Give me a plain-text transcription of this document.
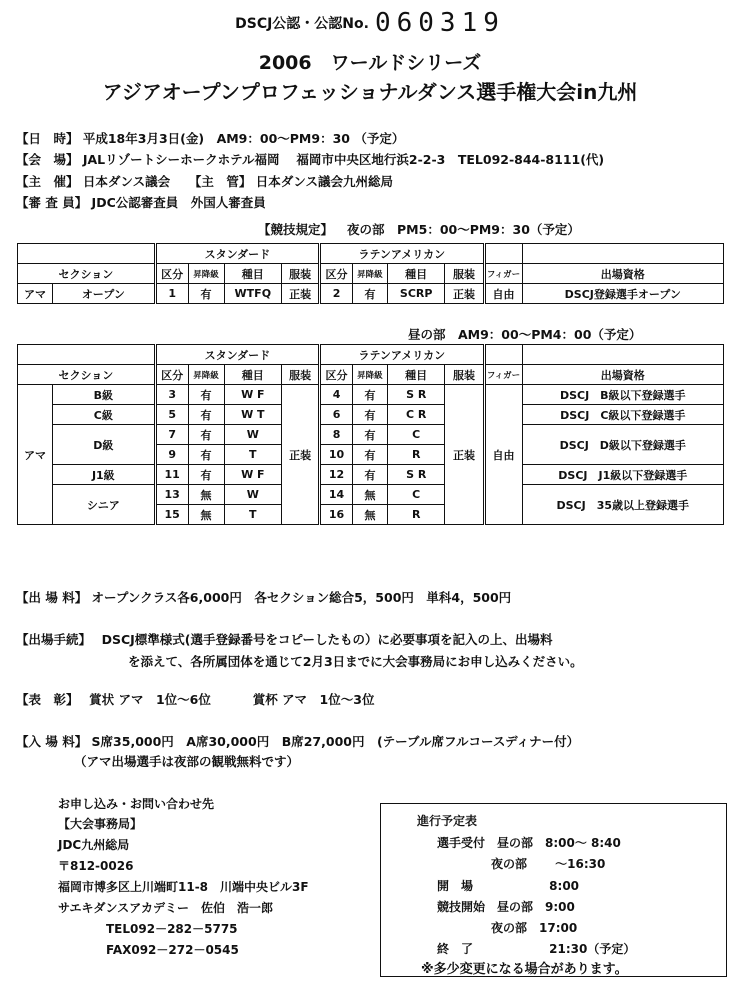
DSCJ公認・公認No. 060319
2006　ワールドシリーズ
アジアオープンプロフェッショナルダンス選手権大会in九州
【日　時】 平成18年3月3日(金)　AM9：00～PM9：30 （予定）
【会　場】 JALリゾートシーホークホテル福岡　 福岡市中央区地行浜2-2-3　TEL092-844-8111(代)
【主　催】 日本ダンス議会　　【主　管】 日本ダンス議会九州総局
【審 査 員】 JDC公認審査員　外国人審査員
【競技規定】 夜の部　PM5：00～PM9：30（予定）
		スタンダード				ラテンアメリカン					
セクション		区分	昇降級	種目	服装	区分	昇降級	種目	服装	フィガー	出場資格
アマ	オープン	1	有	WTFQ	正装	2	有	SCRP	正装	自由	DSCJ登録選手オープン
昼の部　AM9：00～PM4：00（予定）
		スタンダード				ラテンアメリカン					
セクション		区分	昇降級	種目	服装	区分	昇降級	種目	服装	フィガー	出場資格
アマ	B級	3	有	W F	正装	4	有	S R	正装	自由	DSCJ　B級以下登録選手
	C級	5	有	W T		6	有	C R			DSCJ　C級以下登録選手
	D級	7	有	W		8	有	C			DSCJ　D級以下登録選手
		9	有	T		10	有	R			
	J1級	11	有	W F		12	有	S R			DSCJ　J1級以下登録選手
	シニア	13	無	W		14	無	C			DSCJ　35歳以上登録選手
		15	無	T		16	無	R			
【出 場 料】 オープンクラス各6,000円　各セクション総合5，500円　単科4，500円
【出場手続】　 DSCJ標準様式(選手登録番号をコピーしたもの）に必要事項を記入の上、出場料
を添えて、各所属団体を通じて2月3日までに大会事務局にお申し込みください。
【表　彰】　 賞状 アマ　1位～6位　　　 賞杯 アマ　1位～3位
【入 場 料】 S席35,000円　A席30,000円　B席27,000円　(テーブル席フルコースディナー付）
（アマ出場選手は夜部の観戦無料です）
お申し込み・お問い合わせ先
【大会事務局】
JDC九州総局
〒812-0026
福岡市博多区上川端町11-8　川端中央ビル3F
サエキダンスアカデミー　佐伯　浩一郎
TEL092－282－5775
FAX092－272－0545
進行予定表
選手受付　昼の部　8:00～ 8:40
夜の部　　 ～16:30
開　場　　　　　　 8:00
競技開始　昼の部　9:00
夜の部　17:00
終　了　　　　　　 21:30（予定）
※多少変更になる場合があります。
